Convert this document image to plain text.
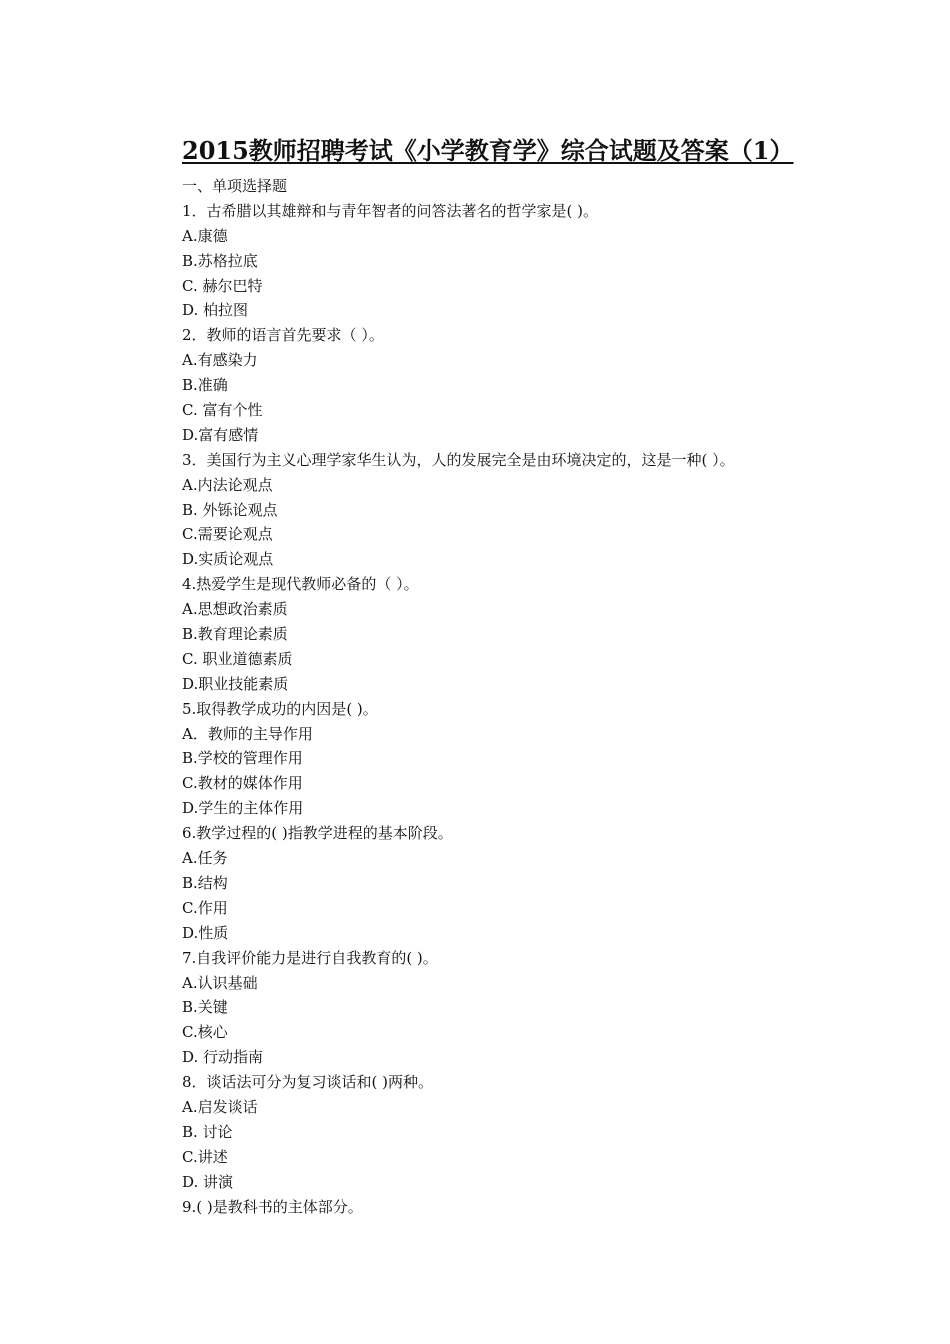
2015教师招聘考试《小学教育学》综合试题及答案（1）
一、单项选择题
1．古希腊以其雄辩和与青年智者的问答法著名的哲学家是( )。
A.康德
B.苏格拉底
C. 赫尔巴特
D. 柏拉图
2．教师的语言首先要求（ ）。
A.有感染力
B.准确
C. 富有个性
D.富有感情
3．美国行为主义心理学家华生认为，人的发展完全是由环境决定的，这是一种( ）。
A.内法论观点
B. 外铄论观点
C.需要论观点
D.实质论观点
4.热爱学生是现代教师必备的（ ）。
A.思想政治素质
B.教育理论素质
C. 职业道德素质
D.职业技能素质
5.取得教学成功的内因是( )。
A．教师的主导作用
B.学校的管理作用
C.教材的媒体作用
D.学生的主体作用
6.教学过程的( )指教学进程的基本阶段。
A.任务
B.结构
C.作用
D.性质
7.自我评价能力是进行自我教育的( )。
A.认识基础
B.关键
C.核心
D. 行动指南
8．谈话法可分为复习谈话和( )两种。
A.启发谈话
B. 讨论
C.讲述
D. 讲演
9.( )是教科书的主体部分。
